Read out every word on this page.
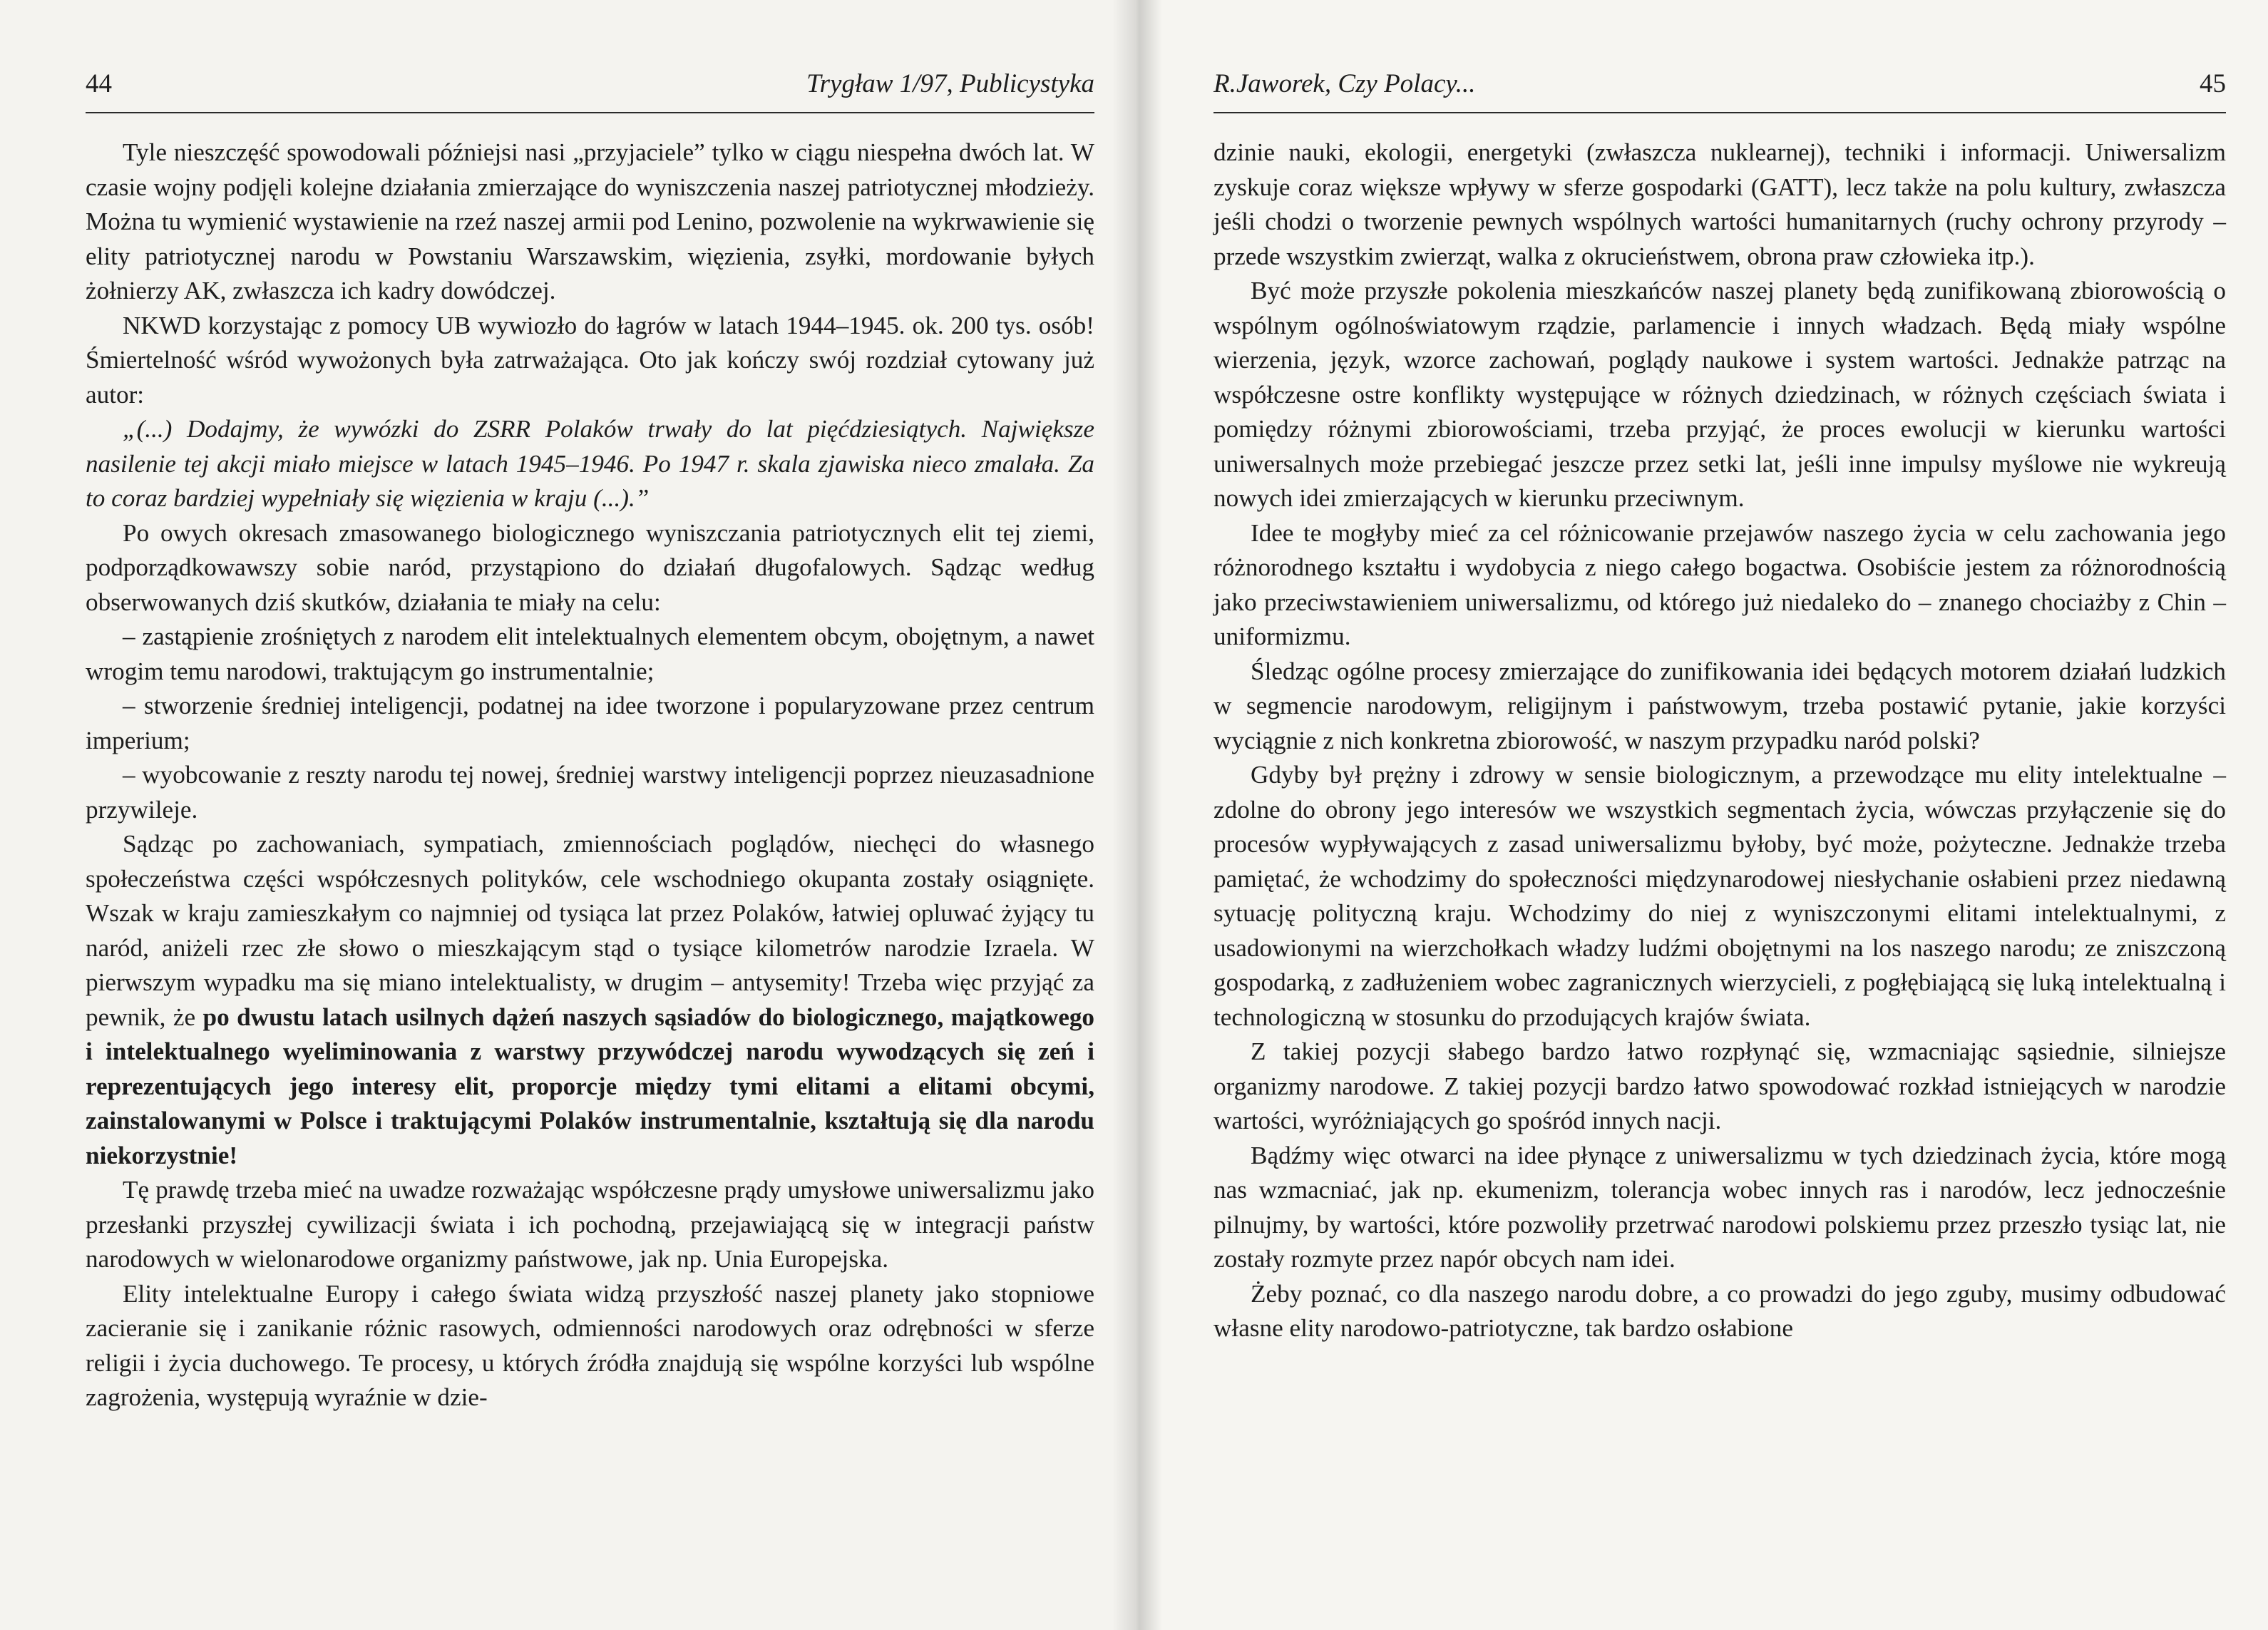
44	Trygław 1/97, Publicystyka

Tyle nieszczęść spowodowali późniejsi nasi „przyjaciele” tylko w ciągu niespełna dwóch lat. W czasie wojny podjęli kolejne działania zmierzające do wyniszczenia naszej patriotycznej młodzieży. Można tu wymienić wystawienie na rzeź naszej armii pod Lenino, pozwolenie na wykrwawienie się elity patriotycznej narodu w Powstaniu Warszawskim, więzienia, zsyłki, mordowanie byłych żołnierzy AK, zwłaszcza ich kadry dowódczej.

NKWD korzystając z pomocy UB wywiozło do łagrów w latach 1944–1945. ok. 200 tys. osób! Śmiertelność wśród wywożonych była zatrważająca. Oto jak kończy swój rozdział cytowany już autor:

„(...) Dodajmy, że wywózki do ZSRR Polaków trwały do lat pięćdziesiątych. Największe nasilenie tej akcji miało miejsce w latach 1945–1946. Po 1947 r. skala zjawiska nieco zmalała. Za to coraz bardziej wypełniały się więzienia w kraju (...).”

Po owych okresach zmasowanego biologicznego wyniszczania patriotycznych elit tej ziemi, podporządkowawszy sobie naród, przystąpiono do działań długofalowych. Sądząc według obserwowanych dziś skutków, działania te miały na celu:

– zastąpienie zrośniętych z narodem elit intelektualnych elementem obcym, obojętnym, a nawet wrogim temu narodowi, traktującym go instrumentalnie;

– stworzenie średniej inteligencji, podatnej na idee tworzone i popularyzowane przez centrum imperium;

– wyobcowanie z reszty narodu tej nowej, średniej warstwy inteligencji poprzez nieuzasadnione przywileje.

Sądząc po zachowaniach, sympatiach, zmiennościach poglądów, niechęci do własnego społeczeństwa części współczesnych polityków, cele wschodniego okupanta zostały osiągnięte. Wszak w kraju zamieszkałym co najmniej od tysiąca lat przez Polaków, łatwiej opluwać żyjący tu naród, aniżeli rzec złe słowo o mieszkającym stąd o tysiące kilometrów narodzie Izraela. W pierwszym wypadku ma się miano intelektualisty, w drugim – antysemity! Trzeba więc przyjąć za pewnik, że po dwustu latach usilnych dążeń naszych sąsiadów do biologicznego, majątkowego i intelektualnego wyeliminowania z warstwy przywódczej narodu wywodzących się zeń i reprezentujących jego interesy elit, proporcje między tymi elitami a elitami obcymi, zainstalowanymi w Polsce i traktującymi Polaków instrumentalnie, kształtują się dla narodu niekorzystnie!

Tę prawdę trzeba mieć na uwadze rozważając współczesne prądy umysłowe uniwersalizmu jako przesłanki przyszłej cywilizacji świata i ich pochodną, przejawiającą się w integracji państw narodowych w wielonarodowe organizmy państwowe, jak np. Unia Europejska.

Elity intelektualne Europy i całego świata widzą przyszłość naszej planety jako stopniowe zacieranie się i zanikanie różnic rasowych, odmienności narodowych oraz odrębności w sferze religii i życia duchowego. Te procesy, u których źródła znajdują się wspólne korzyści lub wspólne zagrożenia, występują wyraźnie w dzie-

R.Jaworek, Czy Polacy...	45

dzinie nauki, ekologii, energetyki (zwłaszcza nuklearnej), techniki i informacji. Uniwersalizm zyskuje coraz większe wpływy w sferze gospodarki (GATT), lecz także na polu kultury, zwłaszcza jeśli chodzi o tworzenie pewnych wspólnych wartości humanitarnych (ruchy ochrony przyrody – przede wszystkim zwierząt, walka z okrucieństwem, obrona praw człowieka itp.).

Być może przyszłe pokolenia mieszkańców naszej planety będą zunifikowaną zbiorowością o wspólnym ogólnoświatowym rządzie, parlamencie i innych władzach. Będą miały wspólne wierzenia, język, wzorce zachowań, poglądy naukowe i system wartości. Jednakże patrząc na współczesne ostre konflikty występujące w różnych dziedzinach, w różnych częściach świata i pomiędzy różnymi zbiorowościami, trzeba przyjąć, że proces ewolucji w kierunku wartości uniwersalnych może przebiegać jeszcze przez setki lat, jeśli inne impulsy myślowe nie wykreują nowych idei zmierzających w kierunku przeciwnym.

Idee te mogłyby mieć za cel różnicowanie przejawów naszego życia w celu zachowania jego różnorodnego kształtu i wydobycia z niego całego bogactwa. Osobiście jestem za różnorodnością jako przeciwstawieniem uniwersalizmu, od którego już niedaleko do – znanego chociażby z Chin – uniformizmu.

Śledząc ogólne procesy zmierzające do zunifikowania idei będących motorem działań ludzkich w segmencie narodowym, religijnym i państwowym, trzeba postawić pytanie, jakie korzyści wyciągnie z nich konkretna zbiorowość, w naszym przypadku naród polski?

Gdyby był prężny i zdrowy w sensie biologicznym, a przewodzące mu elity intelektualne – zdolne do obrony jego interesów we wszystkich segmentach życia, wówczas przyłączenie się do procesów wypływających z zasad uniwersalizmu byłoby, być może, pożyteczne. Jednakże trzeba pamiętać, że wchodzimy do społeczności międzynarodowej niesłychanie osłabieni przez niedawną sytuację polityczną kraju. Wchodzimy do niej z wyniszczonymi elitami intelektualnymi, z usadowionymi na wierzchołkach władzy ludźmi obojętnymi na los naszego narodu; ze zniszczoną gospodarką, z zadłużeniem wobec zagranicznych wierzycieli, z pogłębiającą się luką intelektualną i technologiczną w stosunku do przodujących krajów świata.

Z takiej pozycji słabego bardzo łatwo rozpłynąć się, wzmacniając sąsiednie, silniejsze organizmy narodowe. Z takiej pozycji bardzo łatwo spowodować rozkład istniejących w narodzie wartości, wyróżniających go spośród innych nacji.

Bądźmy więc otwarci na idee płynące z uniwersalizmu w tych dziedzinach życia, które mogą nas wzmacniać, jak np. ekumenizm, tolerancja wobec innych ras i narodów, lecz jednocześnie pilnujmy, by wartości, które pozwoliły przetrwać narodowi polskiemu przez przeszło tysiąc lat, nie zostały rozmyte przez napór obcych nam idei.

Żeby poznać, co dla naszego narodu dobre, a co prowadzi do jego zguby, musimy odbudować własne elity narodowo-patriotyczne, tak bardzo osłabione
